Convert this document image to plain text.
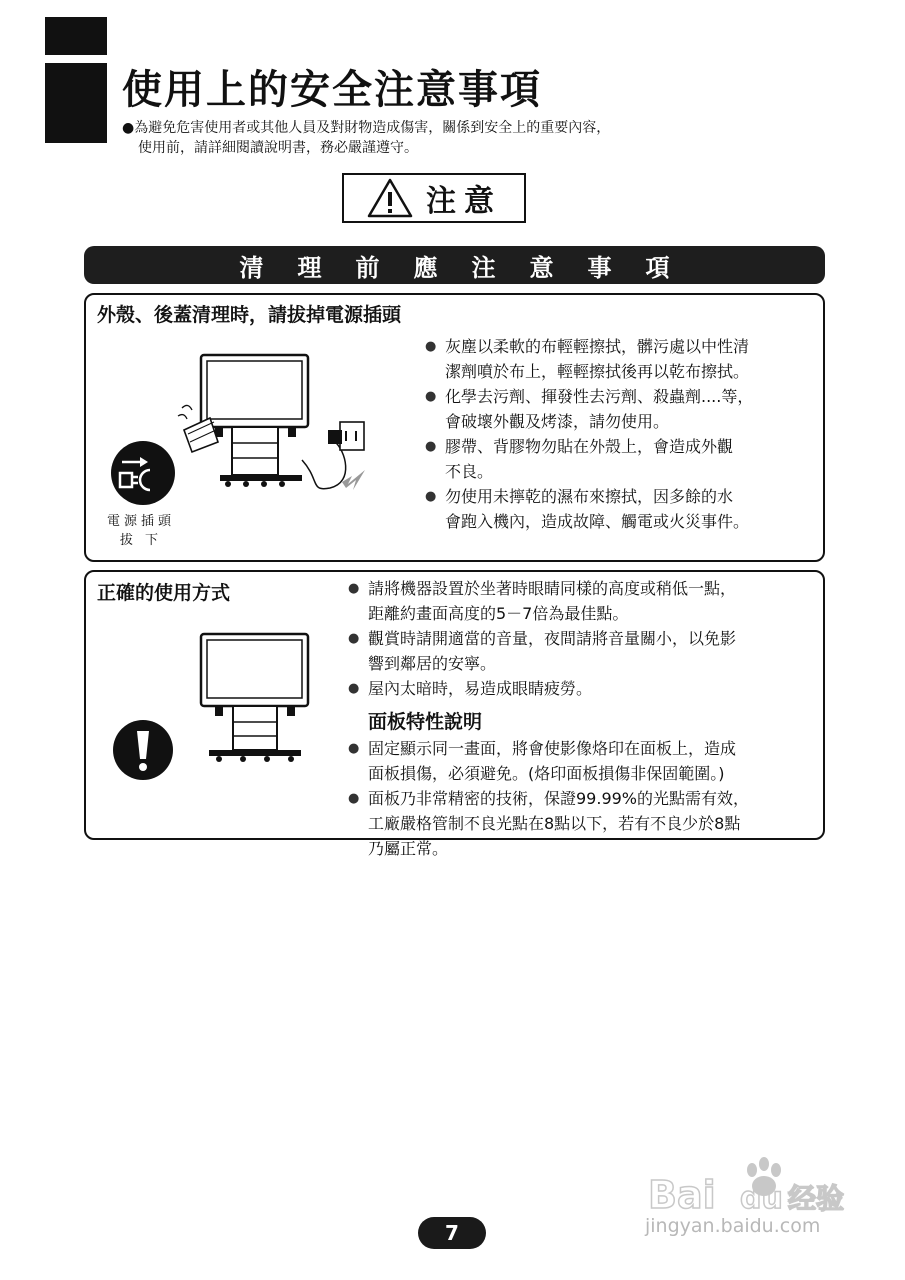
使用上的安全注意事項
●為避免危害使用者或其他人員及對財物造成傷害，關係到安全上的重要內容，
使用前，請詳細閱讀說明書，務必嚴謹遵守。
注意
清理前應注意事項
外殼、後蓋清理時，請拔掉電源插頭
電源插頭
拔 下
● 灰塵以柔軟的布輕輕擦拭，髒污處以中性清
潔劑噴於布上，輕輕擦拭後再以乾布擦拭。
● 化學去污劑、揮發性去污劑、殺蟲劑....等，
會破壞外觀及烤漆，請勿使用。
● 膠帶、背膠物勿貼在外殼上，會造成外觀
不良。
● 勿使用未擰乾的濕布來擦拭，因多餘的水
會跑入機內，造成故障、觸電或火災事件。
正確的使用方式
●	請將機器設置於坐著時眼睛同樣的高度或稍低一點，
距離約畫面高度的5－7倍為最佳點。
● 觀賞時請開適當的音量，夜間請將音量關小，以免影
響到鄰居的安寧。
● 屋內太暗時，易造成眼睛疲勞。
面板特性說明
● 固定顯示同一畫面，將會使影像烙印在面板上，造成
面板損傷，必須避免。(烙印面板損傷非保固範圍。)
● 面板乃非常精密的技術，保證99.99%的光點需有效，
工廠嚴格管制不良光點在8點以下，若有不良少於8點
乃屬正常。
Bai du 经验
jingyan.baidu.com
7
